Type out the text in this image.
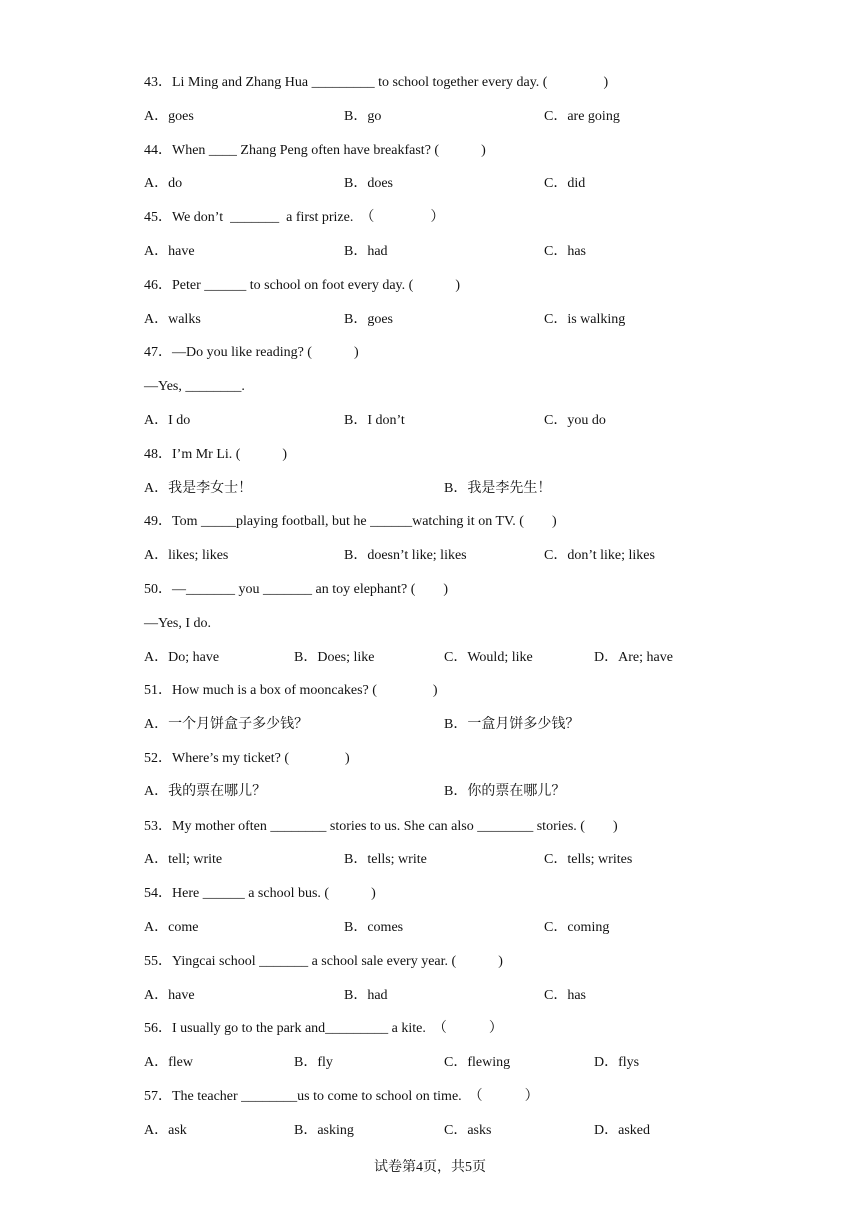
43．Li Ming and Zhang Hua _________ to school together every day. (　　　　)
A．goes	B．go	C．are going
44．When ____ Zhang Peng often have breakfast? (　　　)
A．do	B．does	C．did
45．We don’t  _______  a first prize.  （　　　　）
A．have	B．had	C．has
46．Peter ______ to school on foot every day. (　　　)
A．walks	B．goes	C．is walking
47．—Do you like reading? (　　　)
—Yes, ________.
A．I do	B．I don’t	C．you do
48．I’m Mr Li. (　　　)
A．我是李女士！	B．我是李先生！
49．Tom _____playing football, but he ______watching it on TV. (　　)
A．likes; likes	B．doesn’t like; likes	C．don’t like; likes
50．—_______ you _______ an toy elephant? (　　)
—Yes, I do.
A．Do; have	B．Does; like	C．Would; like	D．Are; have
51．How much is a box of mooncakes? (　　　　)
A．一个月饼盒子多少钱？	B．一盒月饼多少钱？
52．Where’s my ticket? (　　　　)
A．我的票在哪儿？	B．你的票在哪儿？
53．My mother often ________ stories to us. She can also ________ stories. (　　)
A．tell; write	B．tells; write	C．tells; writes
54．Here ______ a school bus. (　　　)
A．come	B．comes	C．coming
55．Yingcai school _______ a school sale every year. (　　　)
A．have	B．had	C．has
56．I usually go to the park and_________ a kite.  （　　　）
A．flew	B．fly	C．flewing	D．flys
57．The teacher ________us to come to school on time.  （　　　）
A．ask	B．asking	C．asks	D．asked
试卷第4页，共5页
